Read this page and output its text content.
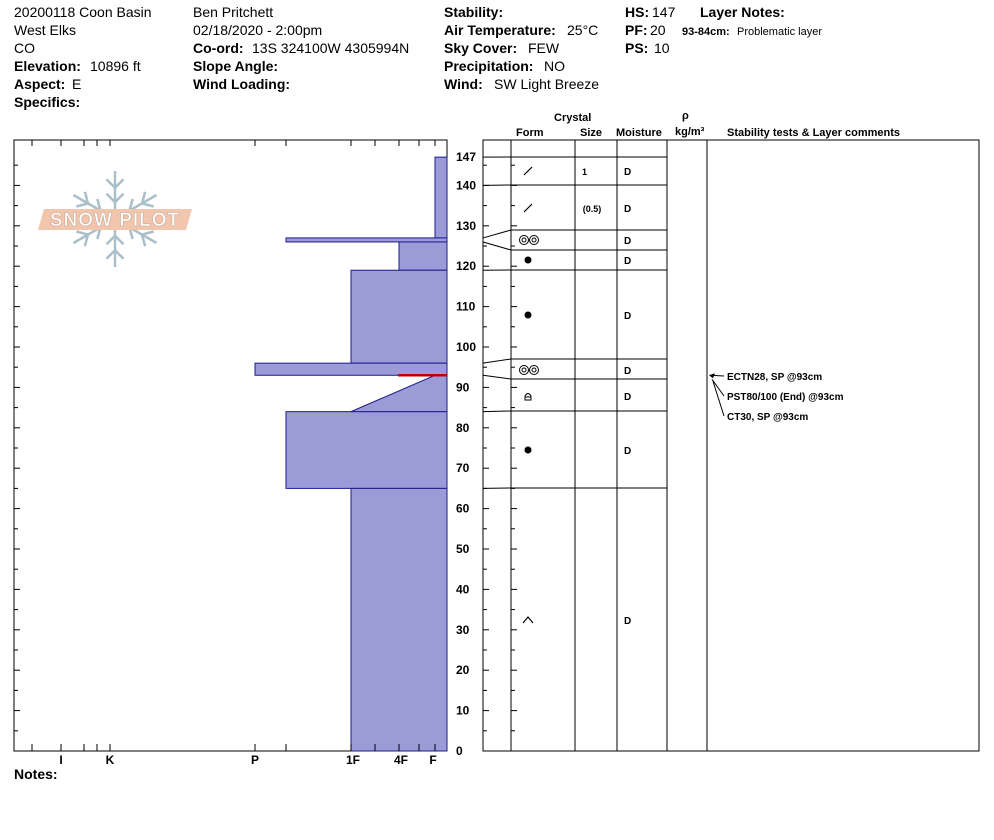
20200118 Coon Basin
West Elks
CO
Elevation: 10896 ft
Aspect: E
Specifics:
Ben Pritchett
02/18/2020 - 2:00pm
Co-ord: 13S 324100W 4305994N
Slope Angle:
Wind Loading:
Stability:
Air Temperature: 25°C
Sky Cover: FEW
Precipitation: NO
Wind: SW Light Breeze
HS: 147
PF: 20
PS: 10
Layer Notes:
93-84cm: Problematic layer
Crystal
Form	Size Moisture
ρ
kg/m³ Stability tests & Layer comments
Notes:
I	K	P	1F	4F F
SNOW PILOT
0
10
20
30
40
50
60
70
80
90
100
110
120
130
140
147
1	D
(0.5) D
D
D
D
D
D
D
D
ECTN28, SP @93cm
PST80/100 (End) @93cm
CT30, SP @93cm
